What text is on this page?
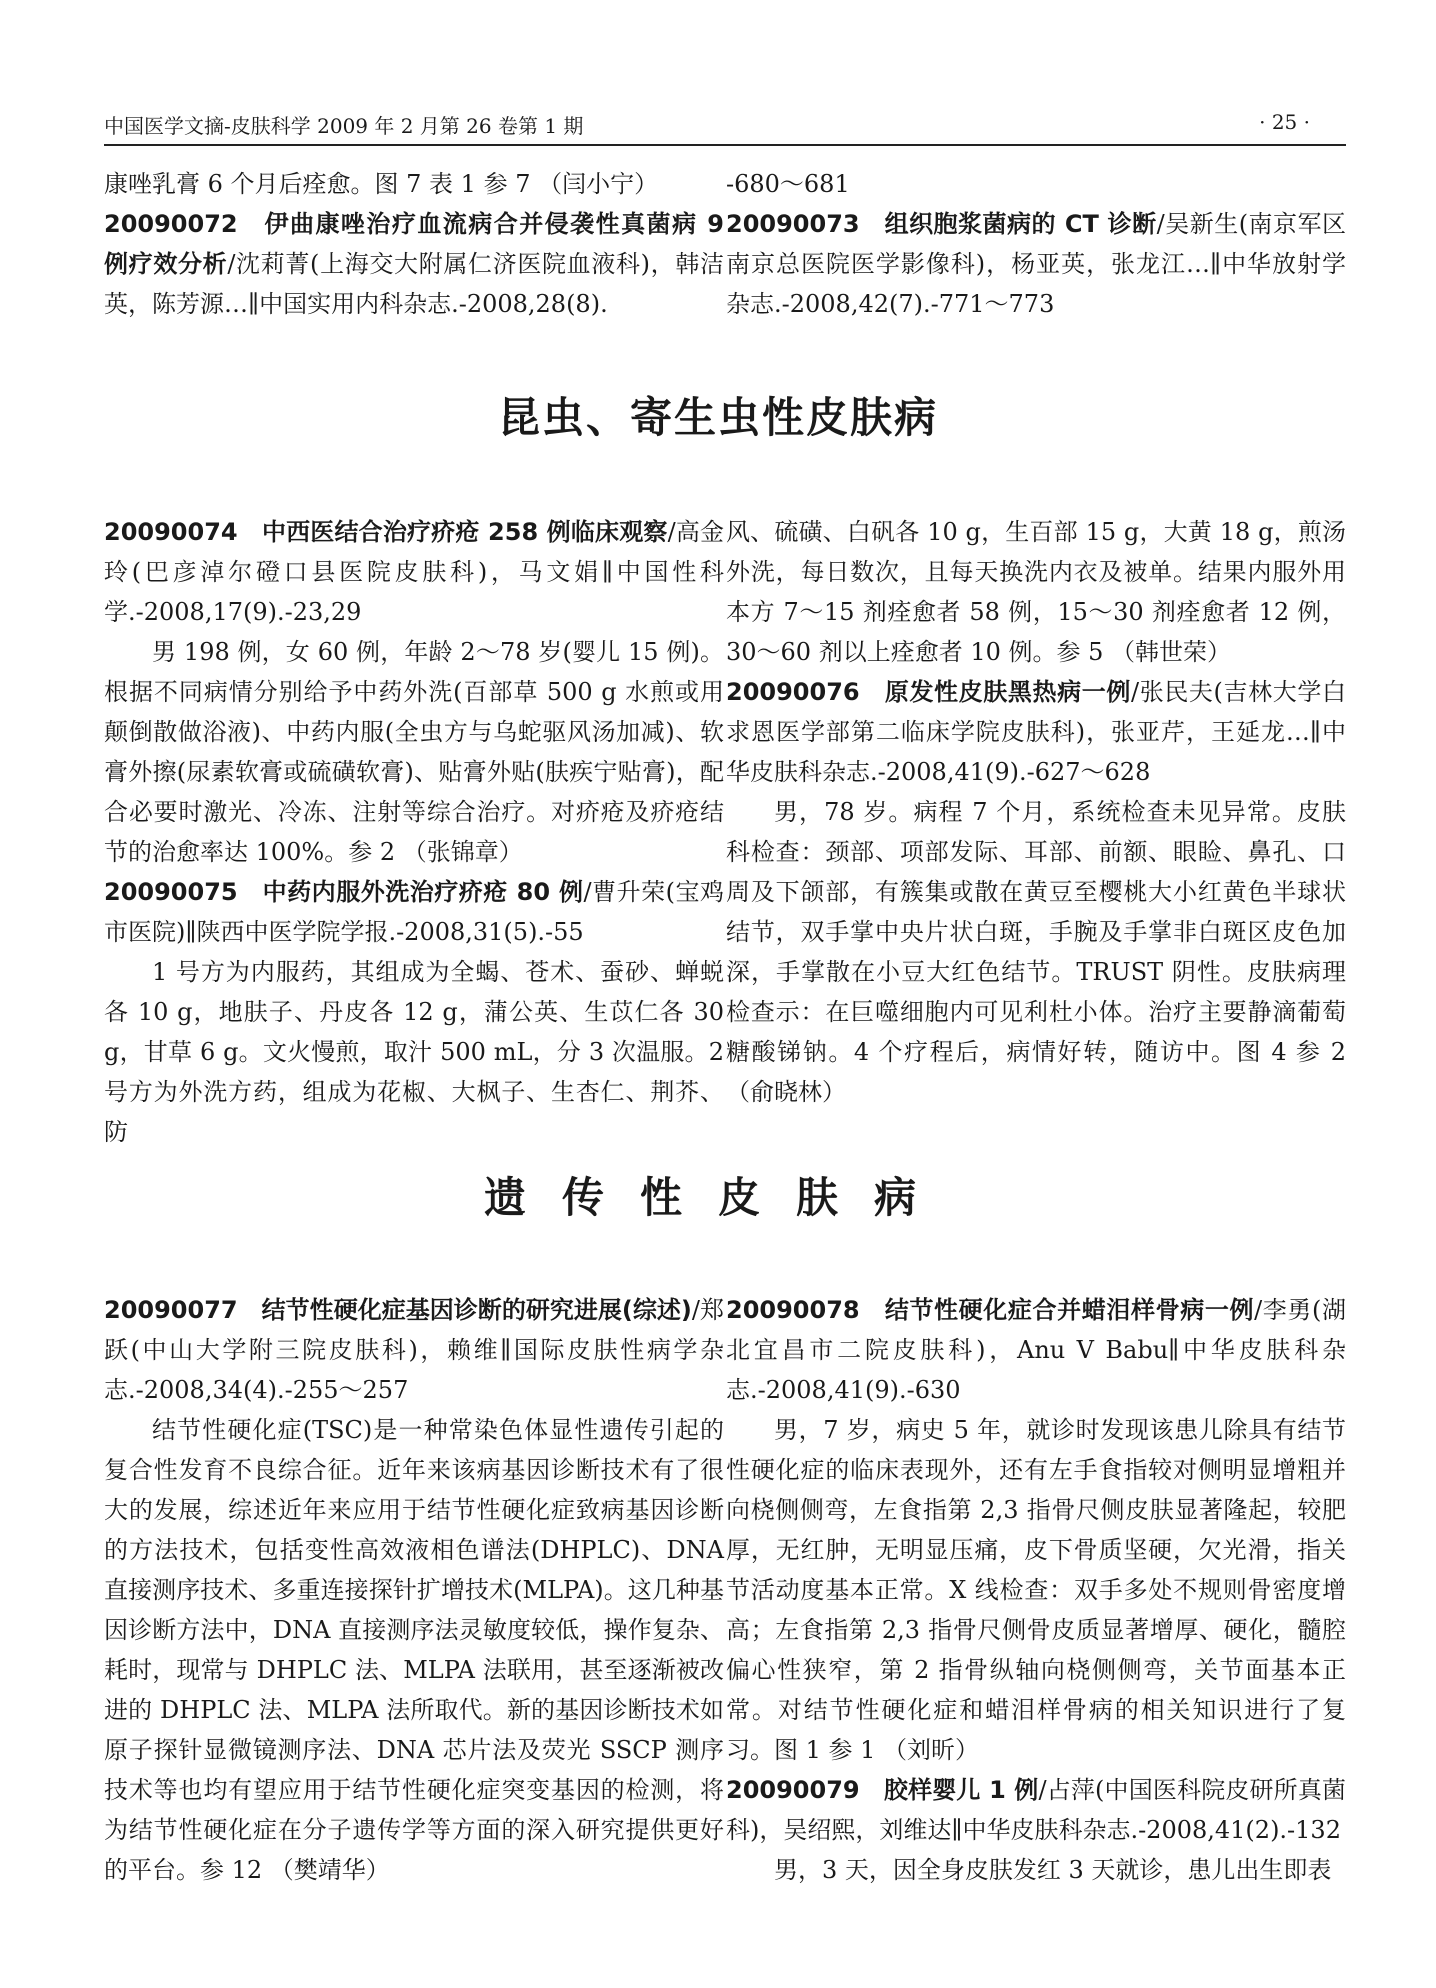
中国医学文摘-皮肤科学 2009 年 2 月第 26 卷第 1 期	· 25 ·

康唑乳膏 6 个月后痊愈。图 7 表 1 参 7 （闫小宁）

20090072　 伊曲康唑治疗血流病合并侵袭性真菌病 9 例疗效分析/沈莉菁(上海交大附属仁济医院血液科)，韩洁英，陈芳源…∥中国实用内科杂志.-2008,28(8).

-680～681

20090073　 组织胞浆菌病的 CT 诊断/吴新生(南京军区南京总医院医学影像科)，杨亚英，张龙江…∥中华放射学杂志.-2008,42(7).-771～773

昆虫、寄生虫性皮肤病

20090074　 中西医结合治疗疥疮 258 例临床观察/高金玲(巴彦淖尔磴口县医院皮肤科)，马文娟∥中国性科学.-2008,17(9).-23,29

男 198 例，女 60 例，年龄 2～78 岁(婴儿 15 例)。根据不同病情分别给予中药外洗(百部草 500 g 水煎或用颠倒散做浴液)、中药内服(全虫方与乌蛇驱风汤加减)、软膏外擦(尿素软膏或硫磺软膏)、贴膏外贴(肤疾宁贴膏)，配合必要时激光、冷冻、注射等综合治疗。对疥疮及疥疮结节的治愈率达 100%。参 2 （张锦章）

20090075　 中药内服外洗治疗疥疮 80 例/曹升荣(宝鸡市医院)∥陕西中医学院学报.-2008,31(5).-55

1 号方为内服药，其组成为全蝎、苍术、蚕砂、蝉蜕各 10 g，地肤子、丹皮各 12 g，蒲公英、生苡仁各 30 g，甘草 6 g。文火慢煎，取汁 500 mL，分 3 次温服。2 号方为外洗方药，组成为花椒、大枫子、生杏仁、荆芥、防

风、硫磺、白矾各 10 g，生百部 15 g，大黄 18 g，煎汤外洗，每日数次，且每天换洗内衣及被单。结果内服外用本方 7～15 剂痊愈者 58 例，15～30 剂痊愈者 12 例，30～60 剂以上痊愈者 10 例。参 5 （韩世荣）

20090076　 原发性皮肤黑热病一例/张民夫(吉林大学白求恩医学部第二临床学院皮肤科)，张亚芹，王延龙…∥中华皮肤科杂志.-2008,41(9).-627～628

男，78 岁。病程 7 个月，系统检查未见异常。皮肤科检查：颈部、项部发际、耳部、前额、眼睑、鼻孔、口周及下颌部，有簇集或散在黄豆至樱桃大小红黄色半球状结节，双手掌中央片状白斑，手腕及手掌非白斑区皮色加深，手掌散在小豆大红色结节。TRUST 阴性。皮肤病理检查示：在巨噬细胞内可见利杜小体。治疗主要静滴葡萄糖酸锑钠。4 个疗程后，病情好转，随访中。图 4 参 2 （俞晓林）

遗传性皮肤病

20090077　 结节性硬化症基因诊断的研究进展(综述)/郑跃(中山大学附三院皮肤科)，赖维∥国际皮肤性病学杂志.-2008,34(4).-255～257

结节性硬化症(TSC)是一种常染色体显性遗传引起的复合性发育不良综合征。近年来该病基因诊断技术有了很大的发展，综述近年来应用于结节性硬化症致病基因诊断的方法技术，包括变性高效液相色谱法(DHPLC)、DNA 直接测序技术、多重连接探针扩增技术(MLPA)。这几种基因诊断方法中，DNA 直接测序法灵敏度较低，操作复杂、耗时，现常与 DHPLC 法、MLPA 法联用，甚至逐渐被改进的 DHPLC 法、MLPA 法所取代。新的基因诊断技术如原子探针显微镜测序法、DNA 芯片法及荧光 SSCP 测序技术等也均有望应用于结节性硬化症突变基因的检测，将为结节性硬化症在分子遗传学等方面的深入研究提供更好的平台。参 12 （樊靖华）

20090078　 结节性硬化症合并蜡泪样骨病一例/李勇(湖北宜昌市二院皮肤科)，Anu V Babu∥中华皮肤科杂志.-2008,41(9).-630

男，7 岁，病史 5 年，就诊时发现该患儿除具有结节性硬化症的临床表现外，还有左手食指较对侧明显增粗并向桡侧侧弯，左食指第 2,3 指骨尺侧皮肤显著隆起，较肥厚，无红肿，无明显压痛，皮下骨质坚硬，欠光滑，指关节活动度基本正常。X 线检查：双手多处不规则骨密度增高；左食指第 2,3 指骨尺侧骨皮质显著增厚、硬化，髓腔偏心性狭窄，第 2 指骨纵轴向桡侧侧弯，关节面基本正常。对结节性硬化症和蜡泪样骨病的相关知识进行了复习。图 1 参 1 （刘昕）

20090079　 胶样婴儿 1 例/占萍(中国医科院皮研所真菌科)，吴绍熙，刘维达∥中华皮肤科杂志.-2008,41(2).-132

男，3 天，因全身皮肤发红 3 天就诊，患儿出生即表
